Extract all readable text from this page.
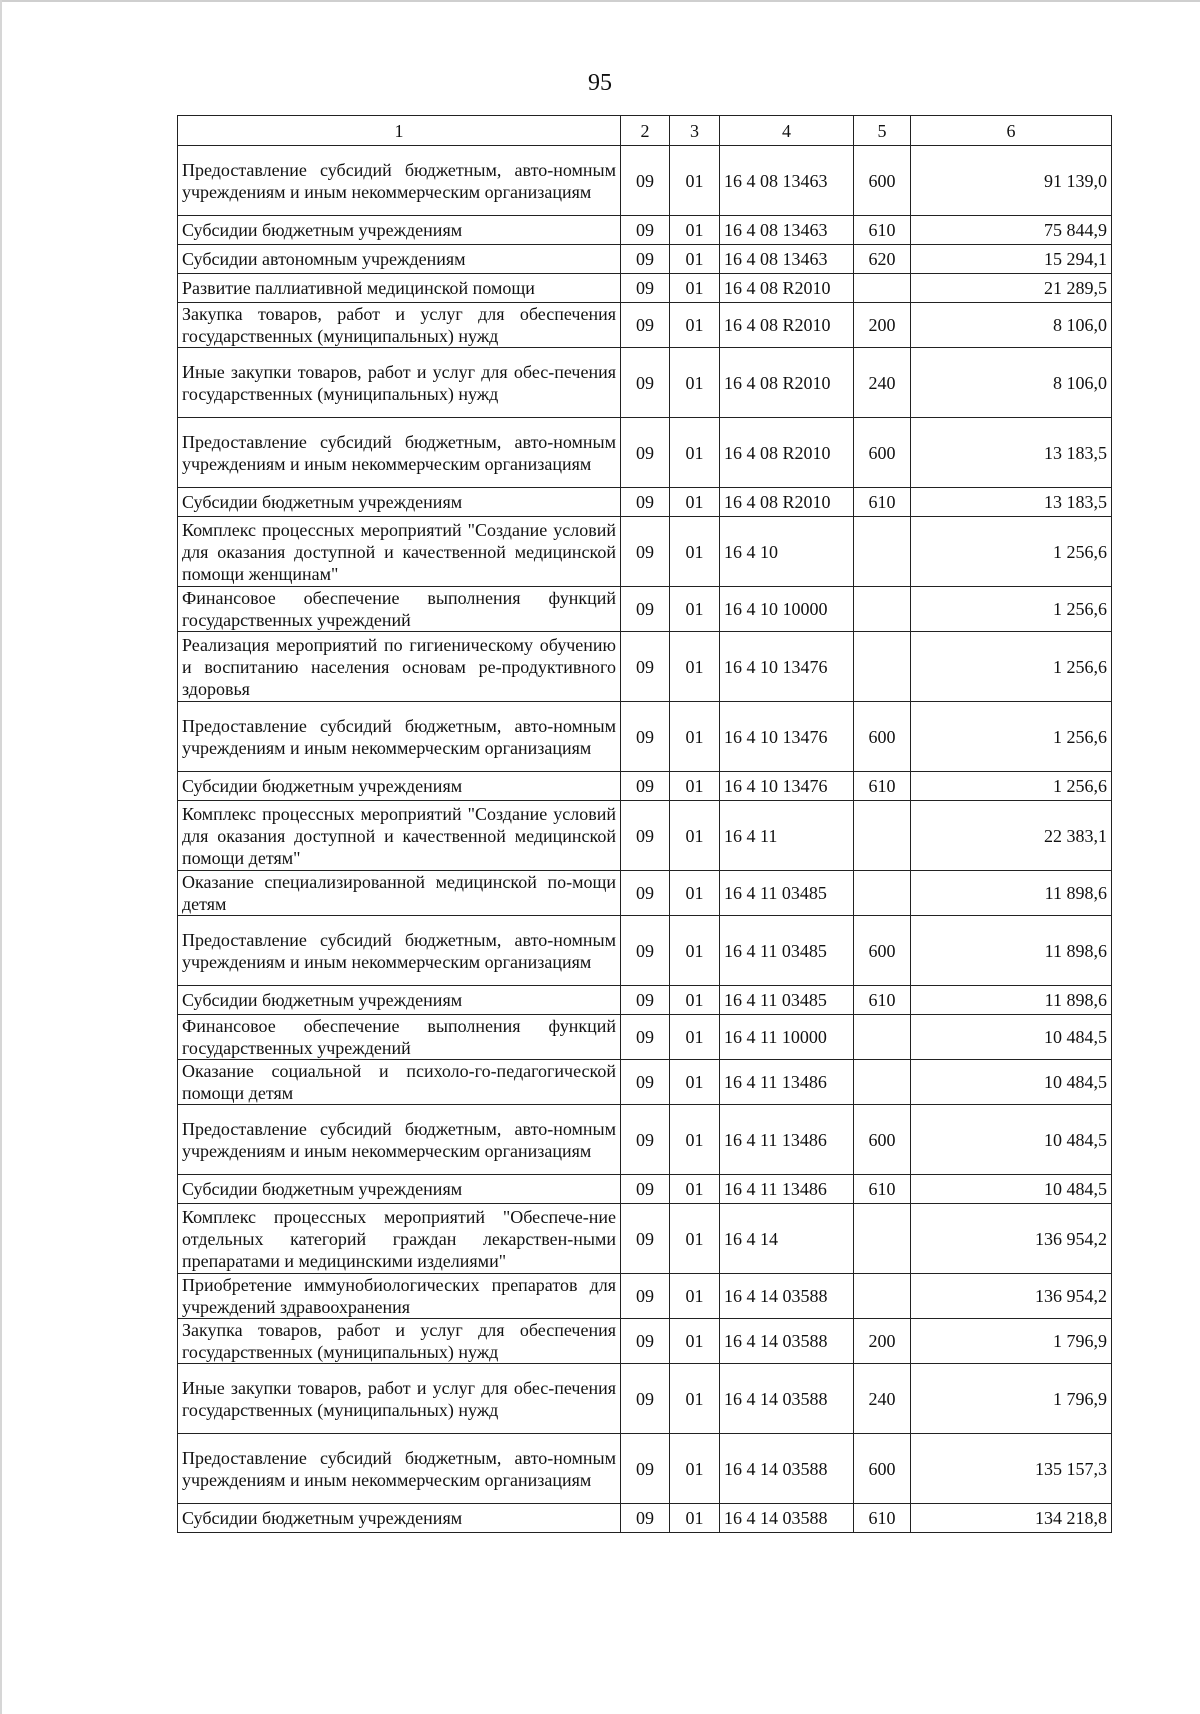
95
1	2	3	4	5	6
Предоставление субсидий бюджетным, авто-номным учреждениям и иным некоммерческим организациям	09	01	16 4 08 13463	600	91 139,0
Субсидии бюджетным учреждениям	09	01	16 4 08 13463	610	75 844,9
Субсидии автономным учреждениям	09	01	16 4 08 13463	620	15 294,1
Развитие паллиативной медицинской помощи	09	01	16 4 08 R2010		21 289,5
Закупка товаров, работ и услуг для обеспечения государственных (муниципальных) нужд	09	01	16 4 08 R2010	200	8 106,0
Иные закупки товаров, работ и услуг для обес-печения государственных (муниципальных) нужд	09	01	16 4 08 R2010	240	8 106,0
Предоставление субсидий бюджетным, авто-номным учреждениям и иным некоммерческим организациям	09	01	16 4 08 R2010	600	13 183,5
Субсидии бюджетным учреждениям	09	01	16 4 08 R2010	610	13 183,5
Комплекс процессных мероприятий "Создание условий для оказания доступной и качественной медицинской помощи женщинам"	09	01	16 4 10		1 256,6
Финансовое обеспечение выполнения функций государственных учреждений	09	01	16 4 10 10000		1 256,6
Реализация мероприятий по гигиеническому обучению и воспитанию населения основам ре-продуктивного здоровья	09	01	16 4 10 13476		1 256,6
Предоставление субсидий бюджетным, авто-номным учреждениям и иным некоммерческим организациям	09	01	16 4 10 13476	600	1 256,6
Субсидии бюджетным учреждениям	09	01	16 4 10 13476	610	1 256,6
Комплекс процессных мероприятий "Создание условий для оказания доступной и качественной медицинской помощи детям"	09	01	16 4 11		22 383,1
Оказание специализированной медицинской по-мощи детям	09	01	16 4 11 03485		11 898,6
Предоставление субсидий бюджетным, авто-номным учреждениям и иным некоммерческим организациям	09	01	16 4 11 03485	600	11 898,6
Субсидии бюджетным учреждениям	09	01	16 4 11 03485	610	11 898,6
Финансовое обеспечение выполнения функций государственных учреждений	09	01	16 4 11 10000		10 484,5
Оказание социальной и психоло-го-педагогической помощи детям	09	01	16 4 11 13486		10 484,5
Предоставление субсидий бюджетным, авто-номным учреждениям и иным некоммерческим организациям	09	01	16 4 11 13486	600	10 484,5
Субсидии бюджетным учреждениям	09	01	16 4 11 13486	610	10 484,5
Комплекс процессных мероприятий "Обеспече-ние отдельных категорий граждан лекарствен-ными препаратами и медицинскими изделиями"	09	01	16 4 14		136 954,2
Приобретение иммунобиологических препаратов для учреждений здравоохранения	09	01	16 4 14 03588		136 954,2
Закупка товаров, работ и услуг для обеспечения государственных (муниципальных) нужд	09	01	16 4 14 03588	200	1 796,9
Иные закупки товаров, работ и услуг для обес-печения государственных (муниципальных) нужд	09	01	16 4 14 03588	240	1 796,9
Предоставление субсидий бюджетным, авто-номным учреждениям и иным некоммерческим организациям	09	01	16 4 14 03588	600	135 157,3
Субсидии бюджетным учреждениям	09	01	16 4 14 03588	610	134 218,8
